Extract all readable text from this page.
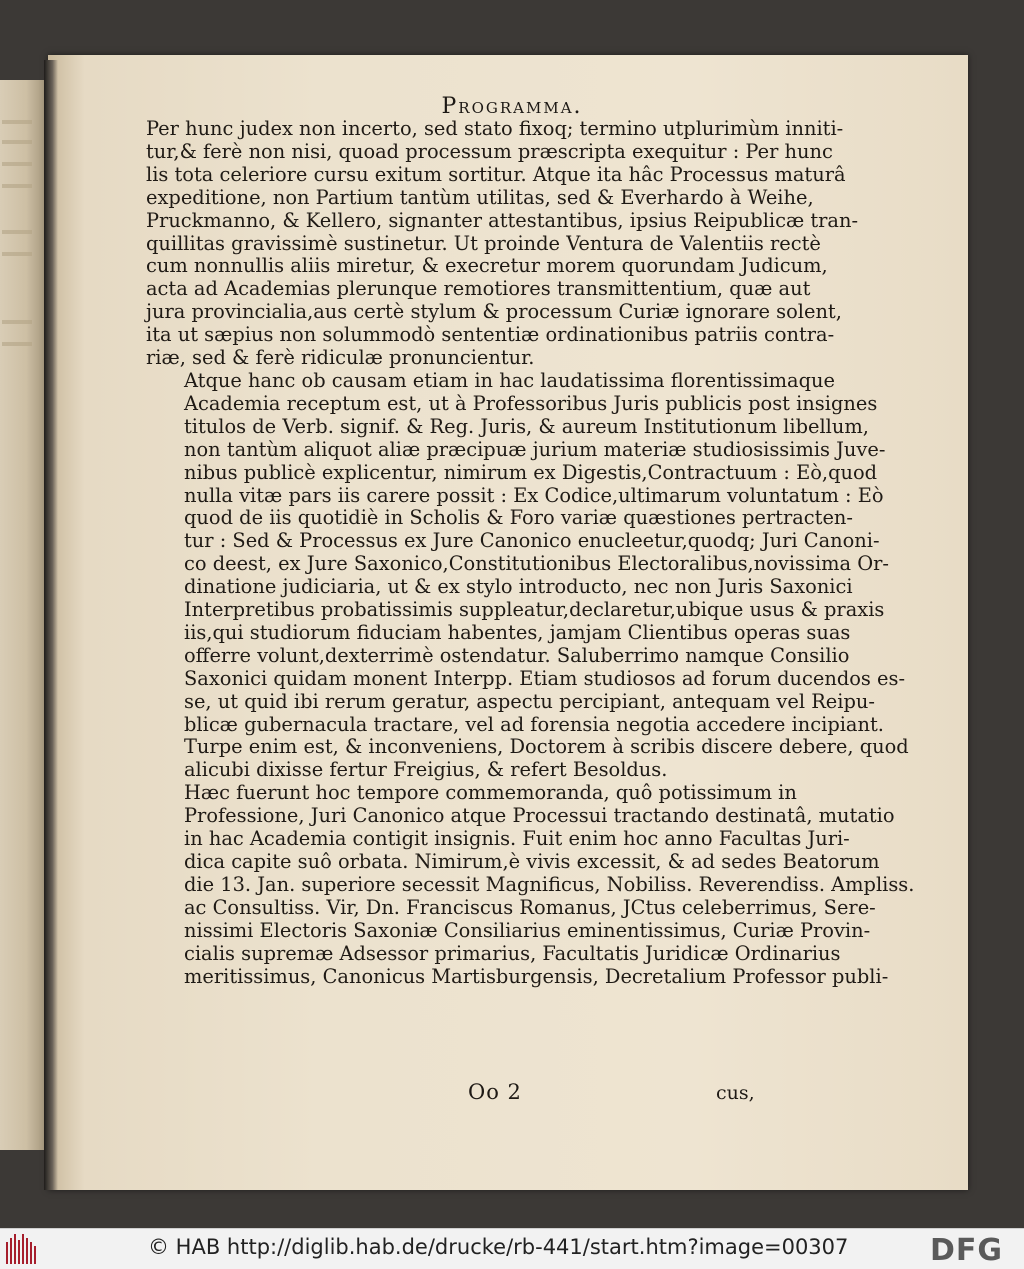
Programma.

Per hunc judex non incerto, sed stato fixoq; termino utplurimùm inniti-
tur,& ferè non nisi, quoad processum præscripta exequitur : Per hunc
lis tota celeriore cursu exitum sortitur. Atque ita hâc Processus maturâ
expeditione, non Partium tantùm utilitas, sed & Everhardo à Weihe,
Pruckmanno, & Kellero, signanter attestantibus, ipsius Reipublicæ tran-
quillitas gravissimè sustinetur. Ut proinde Ventura de Valentiis rectè
cum nonnullis aliis miretur, & execretur morem quorundam Judicum,
acta ad Academias plerunque remotiores transmittentium, quæ aut
jura provincialia,aus certè stylum & processum Curiæ ignorare solent,
ita ut sæpius non solummodò sententiæ ordinationibus patriis contra-
riæ, sed & ferè ridiculæ pronuncientur.

Atque hanc ob causam etiam in hac laudatissima florentissimaque
Academia receptum est, ut à Professoribus Juris publicis post insignes
titulos de Verb. signif. & Reg. Juris, & aureum Institutionum libellum,
non tantùm aliquot aliæ præcipuæ jurium materiæ studiosissimis Juve-
nibus publicè explicentur, nimirum ex Digestis,Contractuum : Eò,quod
nulla vitæ pars iis carere possit : Ex Codice,ultimarum voluntatum : Eò
quod de iis quotidiè in Scholis & Foro variæ quæstiones pertracten-
tur : Sed & Processus ex Jure Canonico enucleetur,quodq; Juri Canoni-
co deest, ex Jure Saxonico,Constitutionibus Electoralibus,novissima Or-
dinatione judiciaria, ut & ex stylo introducto, nec non Juris Saxonici
Interpretibus probatissimis suppleatur,declaretur,ubique usus & praxis
iis,qui studiorum fiduciam habentes, jamjam Clientibus operas suas
offerre volunt,dexterrimè ostendatur. Saluberrimo namque Consilio
Saxonici quidam monent Interpp. Etiam studiosos ad forum ducendos es-
se, ut quid ibi rerum geratur, aspectu percipiant, antequam vel Reipu-
blicæ gubernacula tractare, vel ad forensia negotia accedere incipiant.
Turpe enim est, & inconveniens, Doctorem à scribis discere debere, quod
alicubi dixisse fertur Freigius, & refert Besoldus.

Hæc fuerunt hoc tempore commemoranda, quô potissimum in
Professione, Juri Canonico atque Processui tractando destinatâ, mutatio
in hac Academia contigit insignis. Fuit enim hoc anno Facultas Juri-
dica capite suô orbata. Nimirum,è vivis excessit, & ad sedes Beatorum
die 13. Jan. superiore secessit Magnificus, Nobiliss. Reverendiss. Ampliss.
ac Consultiss. Vir, Dn. Franciscus Romanus, JCtus celeberrimus, Sere-
nissimi Electoris Saxoniæ Consiliarius eminentissimus, Curiæ Provin-
cialis supremæ Adsessor primarius, Facultatis Juridicæ Ordinarius
meritissimus, Canonicus Martisburgensis, Decretalium Professor publi-

Oo 2	cus,
© HAB http://diglib.hab.de/drucke/rb-441/start.htm?image=00307	DFG
